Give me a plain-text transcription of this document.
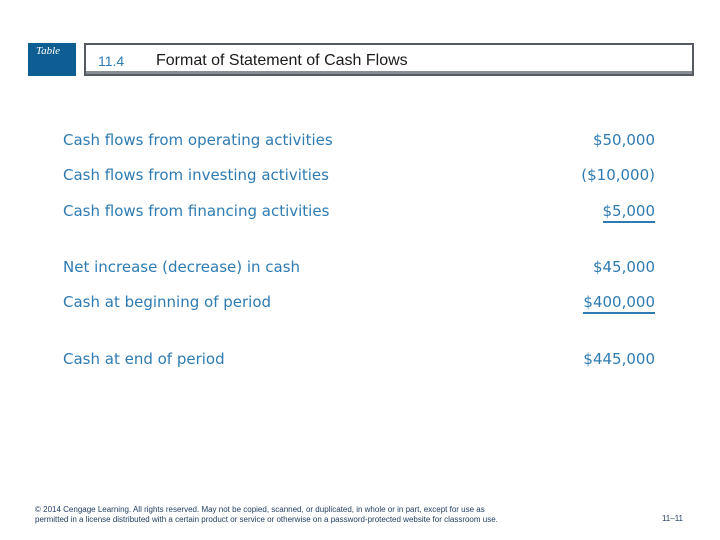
Table
11.4 Format of Statement of Cash Flows
Cash flows from operating activities	$50,000
Cash flows from investing activities	($10,000)
Cash flows from financing activities	$5,000
Net increase (decrease) in cash	$45,000
Cash at beginning of period	$400,000
Cash at end of period	$445,000
© 2014 Cengage Learning. All rights reserved. May not be copied, scanned, or duplicated, in whole or in part, except for use as
permitted in a license distributed with a certain product or service or otherwise on a password-protected website for classroom use.	11–11
